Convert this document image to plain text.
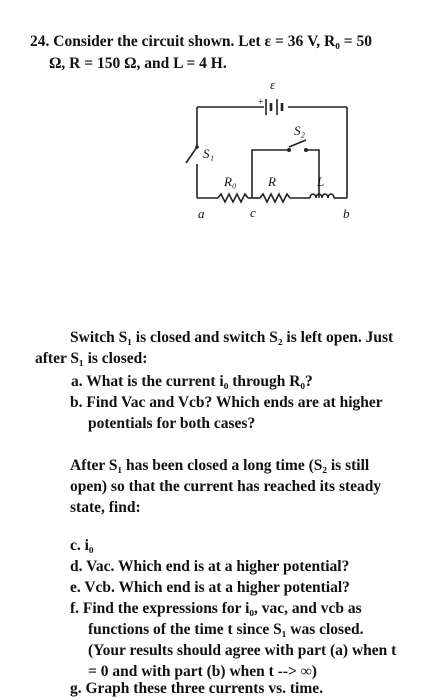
24. Consider the circuit shown. Let ε = 36 V, R₀ = 50
Ω, R = 150 Ω, and L = 4 H.
ε
+
S₂
S₁
R₀ R	L
a	c	b
Switch S₁ is closed and switch S₂ is left open. Just
after S₁ is closed:
a. What is the current i₀ through R₀?
b. Find Vac and Vcb? Which ends are at higher
potentials for both cases?
After S₁ has been closed a long time (S₂ is still
open) so that the current has reached its steady
state, find:
c. i₀
d. Vac. Which end is at a higher potential?
e. Vcb. Which end is at a higher potential?
f. Find the expressions for i₀, vac, and vcb as
functions of the time t since S₁ was closed.
(Your results should agree with part (a) when t
= 0 and with part (b) when t --> ∞)
g. Graph these three currents vs. time.
